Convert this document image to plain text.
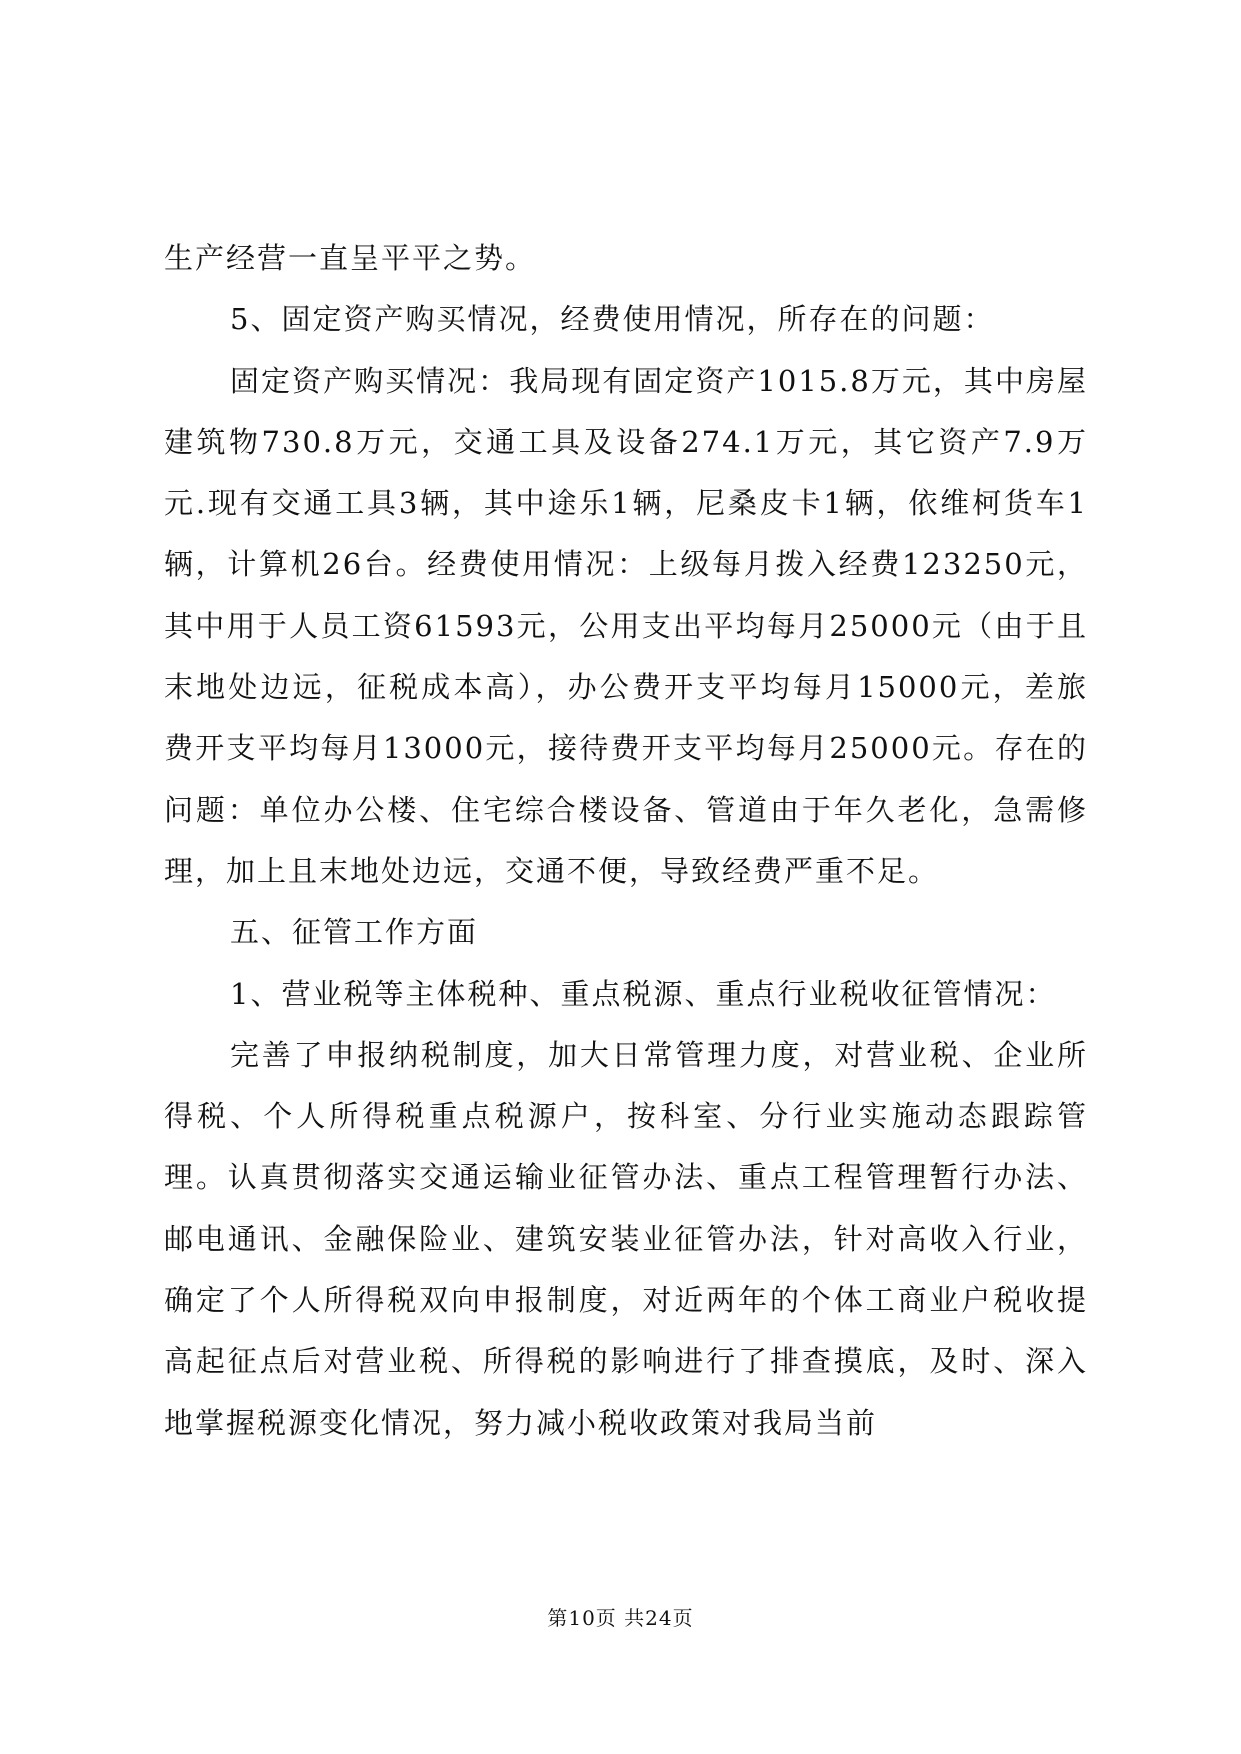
生产经营一直呈平平之势。

5、固定资产购买情况，经费使用情况，所存在的问题：

固定资产购买情况：我局现有固定资产1015.8万元，其中房屋建筑物730.8万元，交通工具及设备274.1万元，其它资产7.9万元.现有交通工具3辆，其中途乐1辆，尼桑皮卡1辆，依维柯货车1辆，计算机26台。经费使用情况：上级每月拨入经费123250元，其中用于人员工资61593元，公用支出平均每月25000元（由于且末地处边远，征税成本高），办公费开支平均每月15000元，差旅费开支平均每月13000元，接待费开支平均每月25000元。存在的问题：单位办公楼、住宅综合楼设备、管道由于年久老化，急需修理，加上且末地处边远，交通不便，导致经费严重不足。

五、征管工作方面

1、营业税等主体税种、重点税源、重点行业税收征管情况：

完善了申报纳税制度，加大日常管理力度，对营业税、企业所得税、个人所得税重点税源户，按科室、分行业实施动态跟踪管理。认真贯彻落实交通运输业征管办法、重点工程管理暂行办法、邮电通讯、金融保险业、建筑安装业征管办法，针对高收入行业，确定了个人所得税双向申报制度，对近两年的个体工商业户税收提高起征点后对营业税、所得税的影响进行了排查摸底，及时、深入地掌握税源变化情况，努力减小税收政策对我局当前

第10页 共24页
